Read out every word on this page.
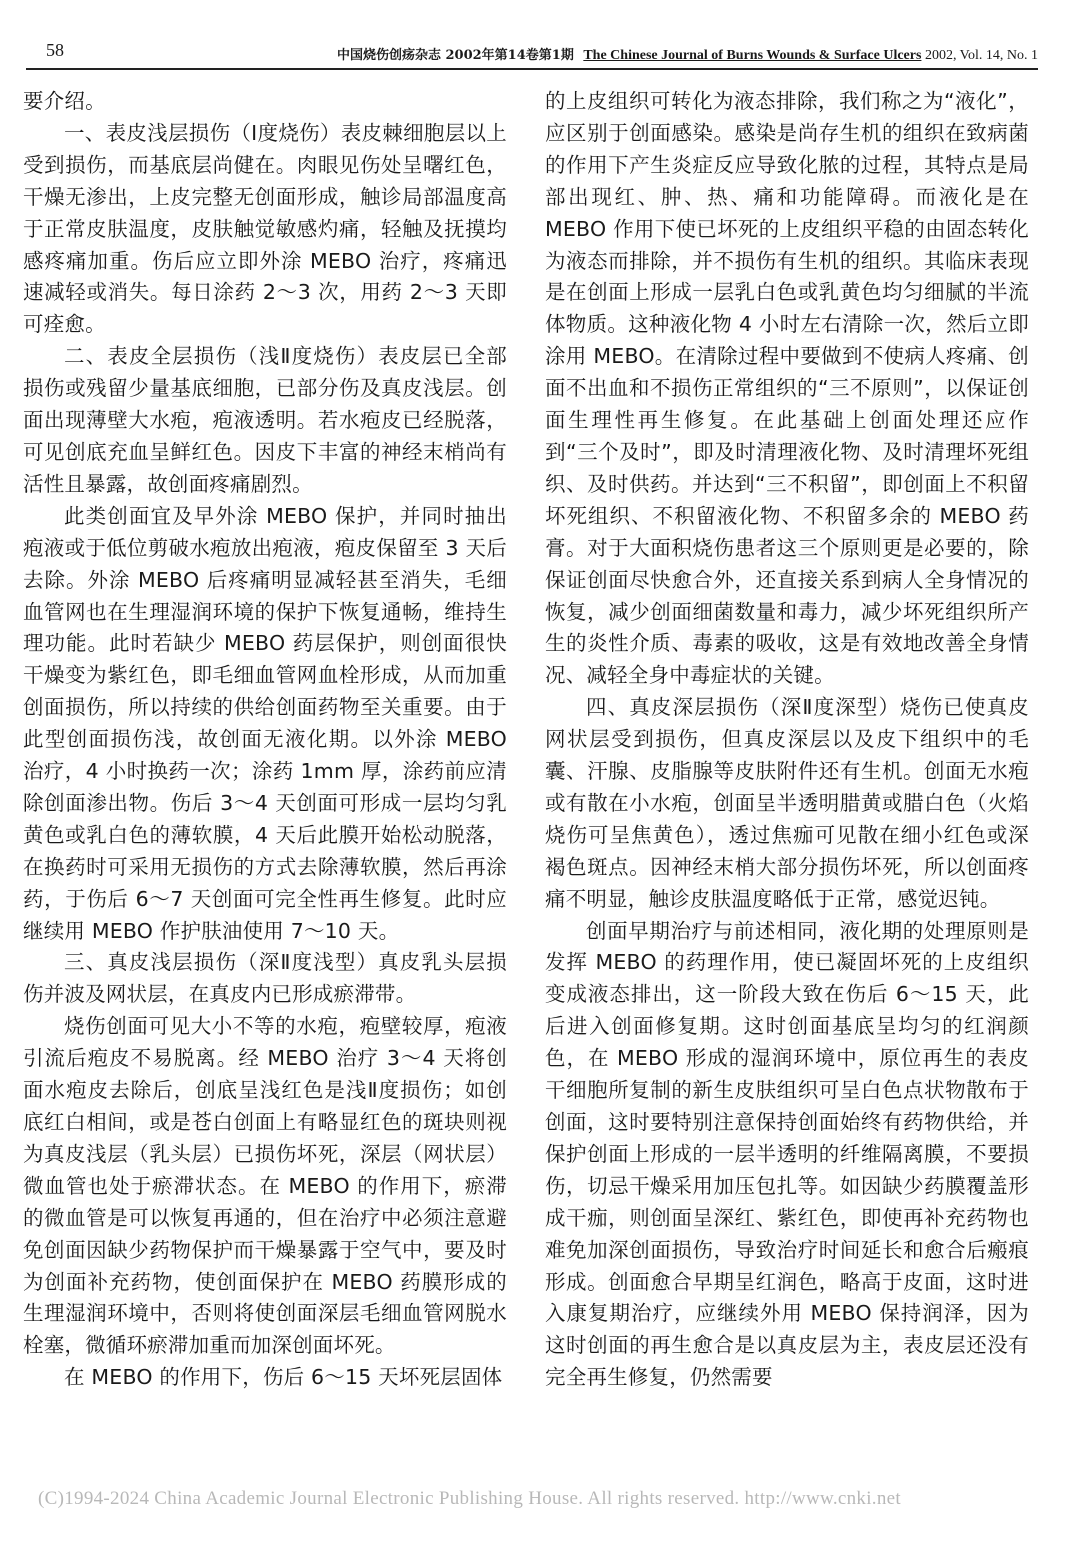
58	中国烧伤创疡杂志 2002年第14卷第1期 The Chinese Journal of Burns Wounds & Surface Ulcers 2002, Vol. 14, No. 1

要介绍。

一、表皮浅层损伤（Ⅰ度烧伤）表皮棘细胞层以上受到损伤，而基底层尚健在。肉眼见伤处呈曙红色，干燥无渗出，上皮完整无创面形成，触诊局部温度高于正常皮肤温度，皮肤触觉敏感灼痛，轻触及抚摸均感疼痛加重。伤后应立即外涂 MEBO 治疗，疼痛迅速减轻或消失。每日涂药 2～3 次，用药 2～3 天即可痊愈。

二、表皮全层损伤（浅Ⅱ度烧伤）表皮层已全部损伤或残留少量基底细胞，已部分伤及真皮浅层。创面出现薄壁大水疱，疱液透明。若水疱皮已经脱落，可见创底充血呈鲜红色。因皮下丰富的神经末梢尚有活性且暴露，故创面疼痛剧烈。

此类创面宜及早外涂 MEBO 保护，并同时抽出疱液或于低位剪破水疱放出疱液，疱皮保留至 3 天后去除。外涂 MEBO 后疼痛明显减轻甚至消失，毛细血管网也在生理湿润环境的保护下恢复通畅，维持生理功能。此时若缺少 MEBO 药层保护，则创面很快干燥变为紫红色，即毛细血管网血栓形成，从而加重创面损伤，所以持续的供给创面药物至关重要。由于此型创面损伤浅，故创面无液化期。以外涂 MEBO 治疗，4 小时换药一次；涂药 1mm 厚，涂药前应清除创面渗出物。伤后 3～4 天创面可形成一层均匀乳黄色或乳白色的薄软膜，4 天后此膜开始松动脱落，在换药时可采用无损伤的方式去除薄软膜，然后再涂药，于伤后 6～7 天创面可完全性再生修复。此时应继续用 MEBO 作护肤油使用 7～10 天。

三、真皮浅层损伤（深Ⅱ度浅型）真皮乳头层损伤并波及网状层，在真皮内已形成瘀滞带。

烧伤创面可见大小不等的水疱，疱壁较厚，疱液引流后疱皮不易脱离。经 MEBO 治疗 3～4 天将创面水疱皮去除后，创底呈浅红色是浅Ⅱ度损伤；如创底红白相间，或是苍白创面上有略显红色的斑块则视为真皮浅层（乳头层）已损伤坏死，深层（网状层）微血管也处于瘀滞状态。在 MEBO 的作用下，瘀滞的微血管是可以恢复再通的，但在治疗中必须注意避免创面因缺少药物保护而干燥暴露于空气中，要及时为创面补充药物，使创面保护在 MEBO 药膜形成的生理湿润环境中，否则将使创面深层毛细血管网脱水栓塞，微循环瘀滞加重而加深创面坏死。

在 MEBO 的作用下，伤后 6～15 天坏死层固体

的上皮组织可转化为液态排除，我们称之为“液化”，应区别于创面感染。感染是尚存生机的组织在致病菌的作用下产生炎症反应导致化脓的过程，其特点是局部出现红、肿、热、痛和功能障碍。而液化是在 MEBO 作用下使已坏死的上皮组织平稳的由固态转化为液态而排除，并不损伤有生机的组织。其临床表现是在创面上形成一层乳白色或乳黄色均匀细腻的半流体物质。这种液化物 4 小时左右清除一次，然后立即涂用 MEBO。在清除过程中要做到不使病人疼痛、创面不出血和不损伤正常组织的“三不原则”，以保证创面生理性再生修复。在此基础上创面处理还应作到“三个及时”，即及时清理液化物、及时清理坏死组织、及时供药。并达到“三不积留”，即创面上不积留坏死组织、不积留液化物、不积留多余的 MEBO 药膏。对于大面积烧伤患者这三个原则更是必要的，除保证创面尽快愈合外，还直接关系到病人全身情况的恢复，减少创面细菌数量和毒力，减少坏死组织所产生的炎性介质、毒素的吸收，这是有效地改善全身情况、减轻全身中毒症状的关键。

四、真皮深层损伤（深Ⅱ度深型）烧伤已使真皮网状层受到损伤，但真皮深层以及皮下组织中的毛囊、汗腺、皮脂腺等皮肤附件还有生机。创面无水疱或有散在小水疱，创面呈半透明腊黄或腊白色（火焰烧伤可呈焦黄色），透过焦痂可见散在细小红色或深褐色斑点。因神经末梢大部分损伤坏死，所以创面疼痛不明显，触诊皮肤温度略低于正常，感觉迟钝。

创面早期治疗与前述相同，液化期的处理原则是发挥 MEBO 的药理作用，使已凝固坏死的上皮组织变成液态排出，这一阶段大致在伤后 6～15 天，此后进入创面修复期。这时创面基底呈均匀的红润颜色，在 MEBO 形成的湿润环境中，原位再生的表皮干细胞所复制的新生皮肤组织可呈白色点状物散布于创面，这时要特别注意保持创面始终有药物供给，并保护创面上形成的一层半透明的纤维隔离膜，不要损伤，切忌干燥采用加压包扎等。如因缺少药膜覆盖形成干痂，则创面呈深红、紫红色，即使再补充药物也难免加深创面损伤，导致治疗时间延长和愈合后瘢痕形成。创面愈合早期呈红润色，略高于皮面，这时进入康复期治疗，应继续外用 MEBO 保持润泽，因为这时创面的再生愈合是以真皮层为主，表皮层还没有完全再生修复，仍然需要

(C)1994-2024 China Academic Journal Electronic Publishing House. All rights reserved. http://www.cnki.net
